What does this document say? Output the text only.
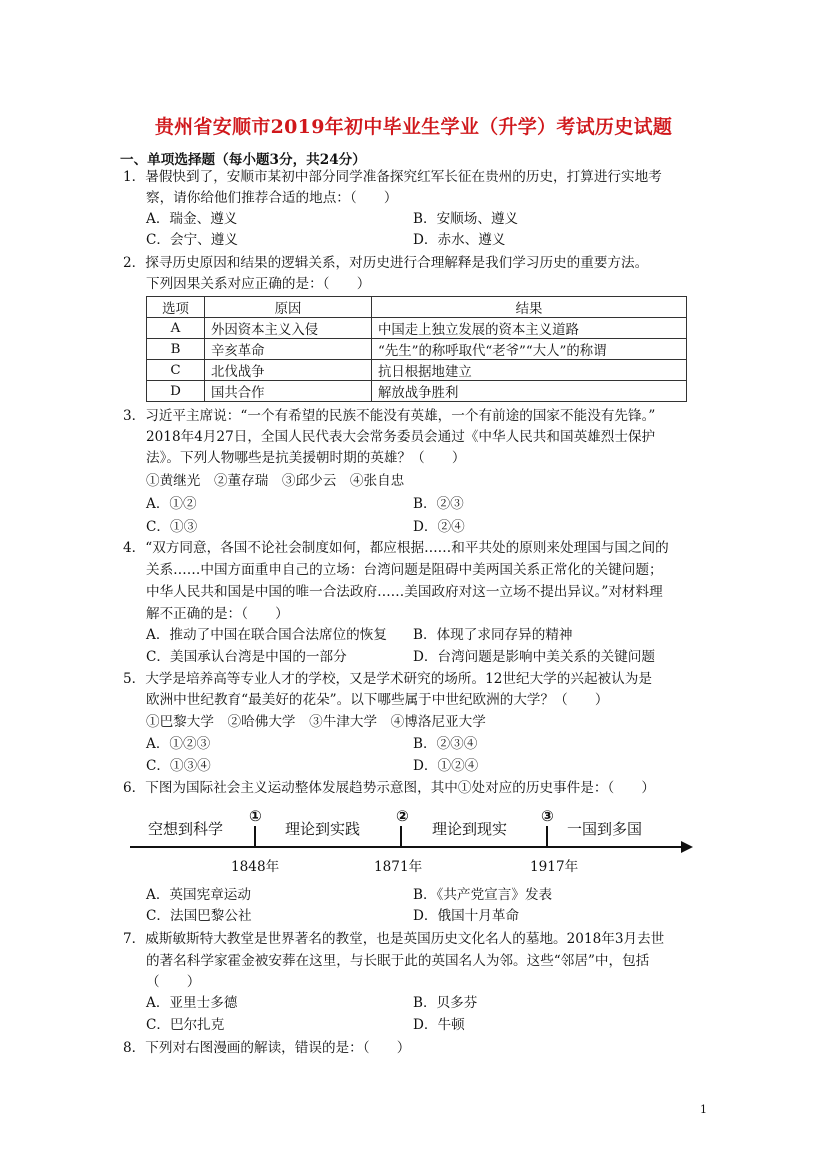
贵州省安顺市2019年初中毕业生学业（升学）考试历史试题
一、单项选择题（每小题3分，共24分）
1．暑假快到了，安顺市某初中部分同学准备探究红军长征在贵州的历史，打算进行实地考
察，请你给他们推荐合适的地点：（　　）
A．瑞金、遵义	B．安顺场、遵义
C．会宁、遵义	D．赤水、遵义
2．探寻历史原因和结果的逻辑关系，对历史进行合理解释是我们学习历史的重要方法。
下列因果关系对应正确的是：（　　）
选项	原因	结果
A	外因资本主义入侵	中国走上独立发展的资本主义道路
B	辛亥革命	“先生”的称呼取代“老爷”“大人”的称谓
C	北伐战争	抗日根据地建立
D	国共合作	解放战争胜利
3．习近平主席说：“一个有希望的民族不能没有英雄，一个有前途的国家不能没有先锋。”
2018年4月27日，全国人民代表大会常务委员会通过《中华人民共和国英雄烈士保护
法》。下列人物哪些是抗美援朝时期的英雄？（　　）
①黄继光　②董存瑞　③邱少云　④张自忠
A．①②	B．②③
C．①③	D．②④
4．“双方同意，各国不论社会制度如何，都应根据……和平共处的原则来处理国与国之间的
关系……中国方面重申自己的立场：台湾问题是阻碍中美两国关系正常化的关键问题；
中华人民共和国是中国的唯一合法政府……美国政府对这一立场不提出异议。”对材料理
解不正确的是：（　　）
A．推动了中国在联合国合法席位的恢复 B．体现了求同存异的精神
C．美国承认台湾是中国的一部分	D．台湾问题是影响中美关系的关键问题
5．大学是培养高等专业人才的学校，又是学术研究的场所。12世纪大学的兴起被认为是
欧洲中世纪教育“最美好的花朵”。以下哪些属于中世纪欧洲的大学？（　　）
①巴黎大学　②哈佛大学　③牛津大学　④博洛尼亚大学
A．①②③	B．②③④
C．①③④	D．①②④
6．下图为国际社会主义运动整体发展趋势示意图，其中①处对应的历史事件是：（　　）
空想到科学	理论到实践	理论到现实	一国到多国
①	②	③
1848年	1871年	1917年
A．英国宪章运动	B．《共产党宣言》发表
C．法国巴黎公社	D．俄国十月革命
7．威斯敏斯特大教堂是世界著名的教堂，也是英国历史文化名人的墓地。2018年3月去世
的著名科学家霍金被安葬在这里，与长眠于此的英国名人为邻。这些“邻居”中，包括
（　　）
A．亚里士多德	B．贝多芬
C．巴尔扎克	D．牛顿
8．下列对右图漫画的解读，错误的是：（　　）
1
